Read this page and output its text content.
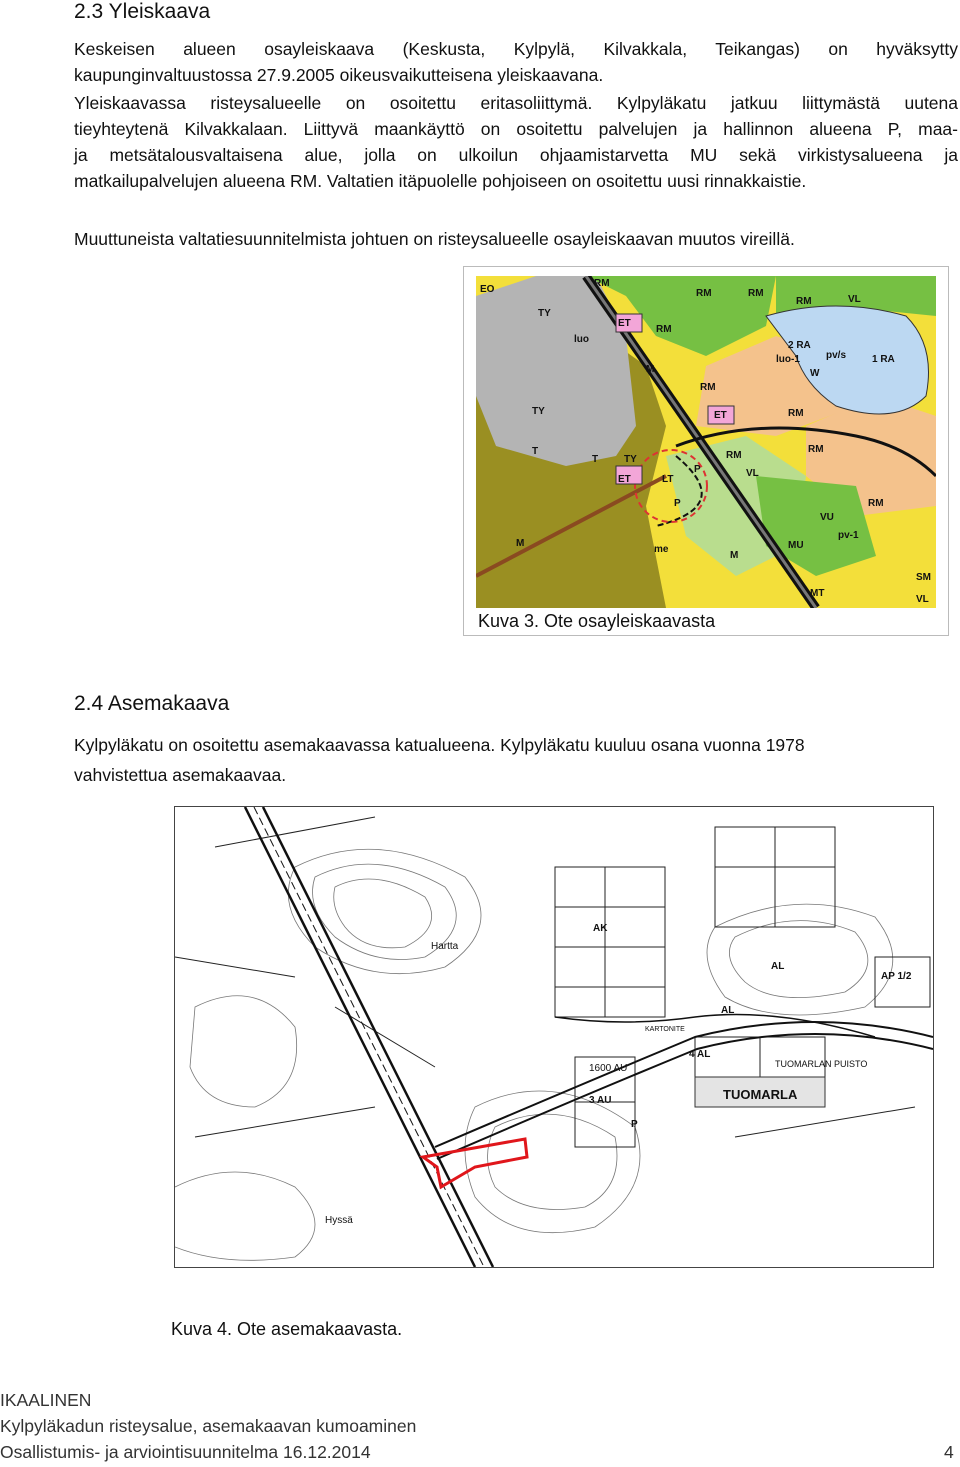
2.3 Yleiskaava
Keskeisen alueen osayleiskaava (Keskusta, Kylpylä, Kilvakkala, Teikangas) on hyväksytty
kaupunginvaltuustossa 27.9.2005 oikeusvaikutteisena yleiskaavana.
Yleiskaavassa risteysalueelle on osoitettu eritasoliittymä. Kylpyläkatu jatkuu liittymästä uutena
tieyhteytenä Kilvakkalaan. Liittyvä maankäyttö on osoitettu palvelujen ja hallinnon alueena P, maa-
ja metsätalousvaltaisena alue, jolla on ulkoilun ohjaamistarvetta MU sekä virkistysalueena ja
matkailupalvelujen alueena RM. Valtatien itäpuolelle pohjoiseen on osoitettu uusi rinnakkaistie.
Muuttuneista valtatiesuunnitelmista johtuen on risteysalueelle osayleiskaavan muutos vireillä.
EO
TY
RM
ET
RM
RM	RM
RM	VL
2 RA
luo-1	pv/s
W
1 RA
luo
M
TY
RM
ET	RM
T
T	TY
ET	LT
P
P
RM
VL
RM
RM
M
VU
M
MU
pv-1
me
MT
SM
VL
Kuva 3. Ote osayleiskaavasta
2.4 Asemakaava
Kylpyläkatu on osoitettu asemakaavassa katualueena. Kylpyläkatu kuuluu osana vuonna 1978
vahvistettua asemakaavaa.
Hartta
AK
AL
AL
AP 1/2
4 AL
1600 AU
3 AU
TUOMARLAN PUISTO
TUOMARLA
P
Hyssä
KARTONITE
Kuva 4. Ote asemakaavasta.
IKAALINEN
Kylpyläkadun risteysalue, asemakaavan kumoaminen
Osallistumis- ja arviointisuunnitelma 16.12.2014	4
